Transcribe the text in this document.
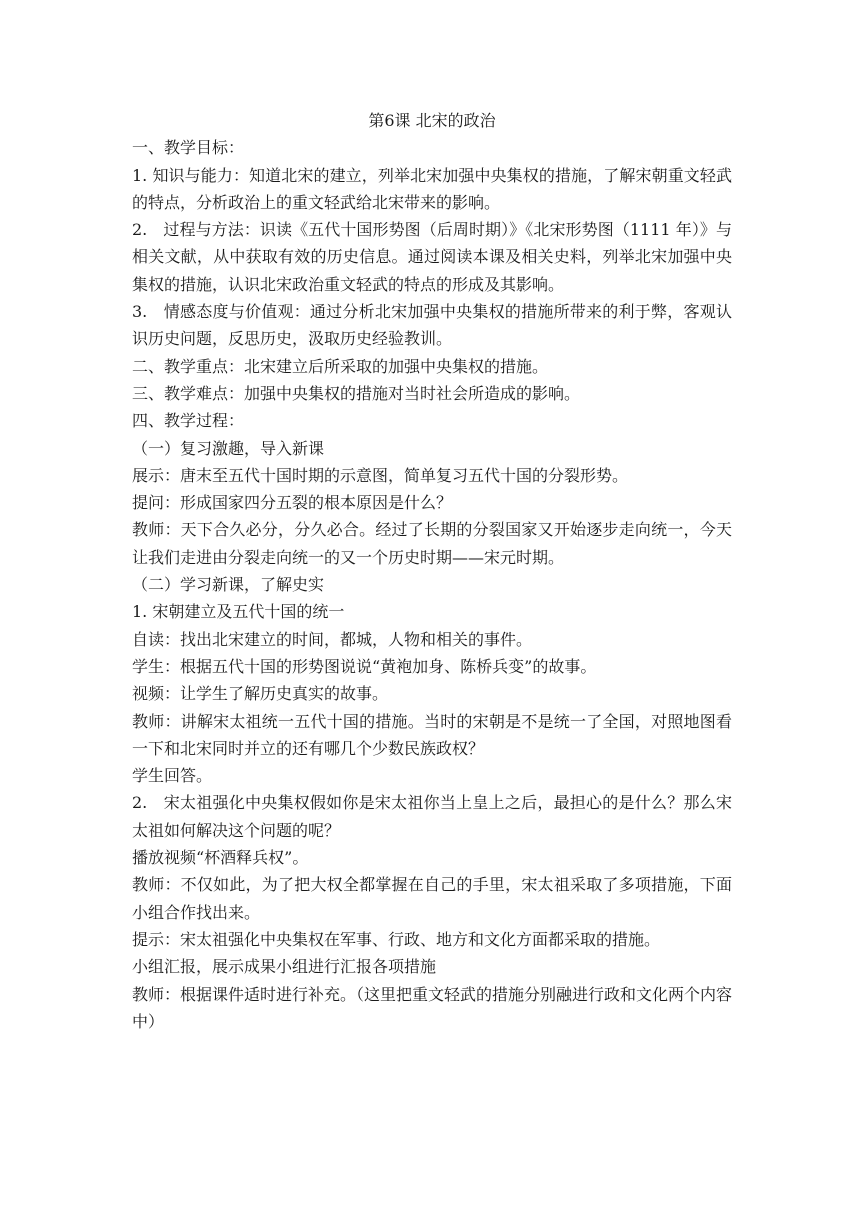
第6课 北宋的政治

一、教学目标：

1. 知识与能力：知道北宋的建立，列举北宋加强中央集权的措施，了解宋朝重文轻武的特点，分析政治上的重文轻武给北宋带来的影响。

2.　过程与方法：识读《五代十国形势图（后周时期）》《北宋形势图（1111 年）》与相关文献，从中获取有效的历史信息。通过阅读本课及相关史料，列举北宋加强中央集权的措施，认识北宋政治重文轻武的特点的形成及其影响。

3.　情感态度与价值观：通过分析北宋加强中央集权的措施所带来的利于弊，客观认识历史问题，反思历史，汲取历史经验教训。

二、教学重点：北宋建立后所采取的加强中央集权的措施。

三、教学难点：加强中央集权的措施对当时社会所造成的影响。

四、教学过程：

（一）复习激趣，导入新课

展示：唐末至五代十国时期的示意图，简单复习五代十国的分裂形势。

提问：形成国家四分五裂的根本原因是什么？

教师：天下合久必分，分久必合。经过了长期的分裂国家又开始逐步走向统一，今天让我们走进由分裂走向统一的又一个历史时期——宋元时期。

（二）学习新课，了解史实

1. 宋朝建立及五代十国的统一

自读：找出北宋建立的时间，都城，人物和相关的事件。

学生：根据五代十国的形势图说说“黄袍加身、陈桥兵变”的故事。

视频：让学生了解历史真实的故事。

教师：讲解宋太祖统一五代十国的措施。当时的宋朝是不是统一了全国，对照地图看一下和北宋同时并立的还有哪几个少数民族政权？

学生回答。

2.　宋太祖强化中央集权假如你是宋太祖你当上皇上之后，最担心的是什么？那么宋太祖如何解决这个问题的呢？

播放视频“杯酒释兵权”。

教师：不仅如此，为了把大权全都掌握在自己的手里，宋太祖采取了多项措施，下面小组合作找出来。

提示：宋太祖强化中央集权在军事、行政、地方和文化方面都采取的措施。

小组汇报，展示成果小组进行汇报各项措施

教师：根据课件适时进行补充。（这里把重文轻武的措施分别融进行政和文化两个内容中）
